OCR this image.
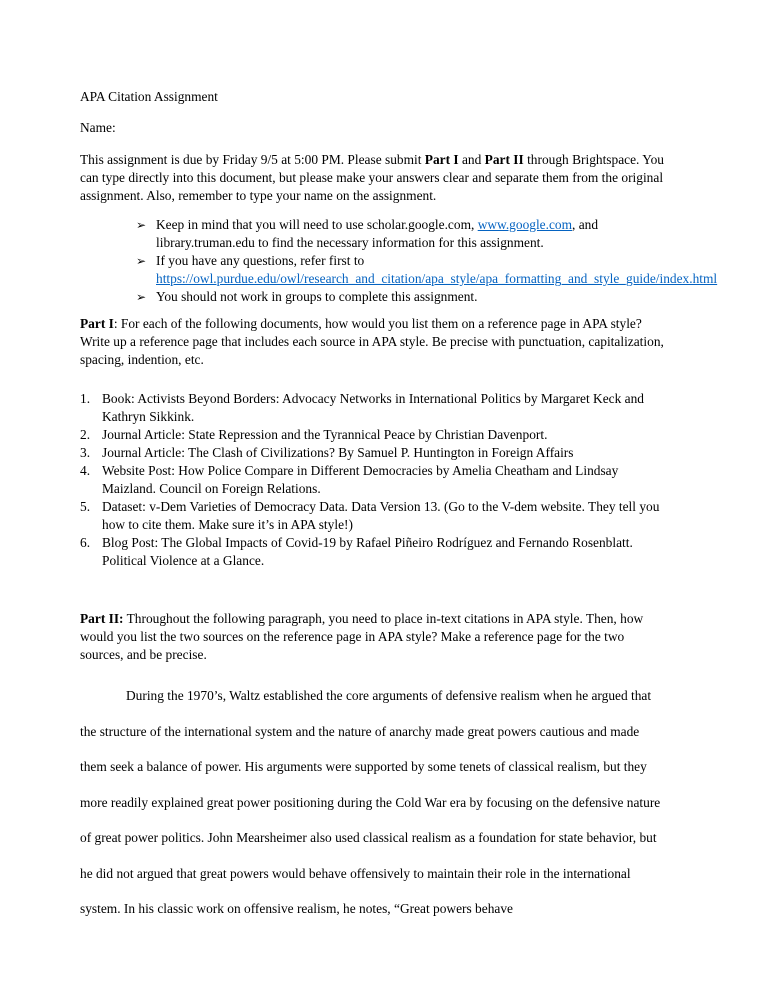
APA Citation Assignment

Name:

This assignment is due by Friday 9/5 at 5:00 PM. Please submit Part I and Part II through Brightspace. You can type directly into this document, but please make your answers clear and separate them from the original assignment. Also, remember to type your name on the assignment.

➢ Keep in mind that you will need to use scholar.google.com, www.google.com, and library.truman.edu to find the necessary information for this assignment.
➢ If you have any questions, refer first to https://owl.purdue.edu/owl/research_and_citation/apa_style/apa_formatting_and_style_guide/index.html
➢ You should not work in groups to complete this assignment.

Part I: For each of the following documents, how would you list them on a reference page in APA style? Write up a reference page that includes each source in APA style. Be precise with punctuation, capitalization, spacing, indention, etc.

1. Book: Activists Beyond Borders: Advocacy Networks in International Politics by Margaret Keck and Kathryn Sikkink.
2. Journal Article: State Repression and the Tyrannical Peace by Christian Davenport.
3. Journal Article: The Clash of Civilizations? By Samuel P. Huntington in Foreign Affairs
4. Website Post: How Police Compare in Different Democracies by Amelia Cheatham and Lindsay Maizland. Council on Foreign Relations.
5. Dataset: v-Dem Varieties of Democracy Data. Data Version 13. (Go to the V-dem website. They tell you how to cite them. Make sure it’s in APA style!)
6. Blog Post: The Global Impacts of Covid-19 by Rafael Piñeiro Rodríguez and Fernando Rosenblatt. Political Violence at a Glance.

Part II: Throughout the following paragraph, you need to place in-text citations in APA style. Then, how would you list the two sources on the reference page in APA style? Make a reference page for the two sources, and be precise.

During the 1970’s, Waltz established the core arguments of defensive realism when he argued that the structure of the international system and the nature of anarchy made great powers cautious and made them seek a balance of power. His arguments were supported by some tenets of classical realism, but they more readily explained great power positioning during the Cold War era by focusing on the defensive nature of great power politics. John Mearsheimer also used classical realism as a foundation for state behavior, but he did not argued that great powers would behave offensively to maintain their role in the international system. In his classic work on offensive realism, he notes, “Great powers behave
